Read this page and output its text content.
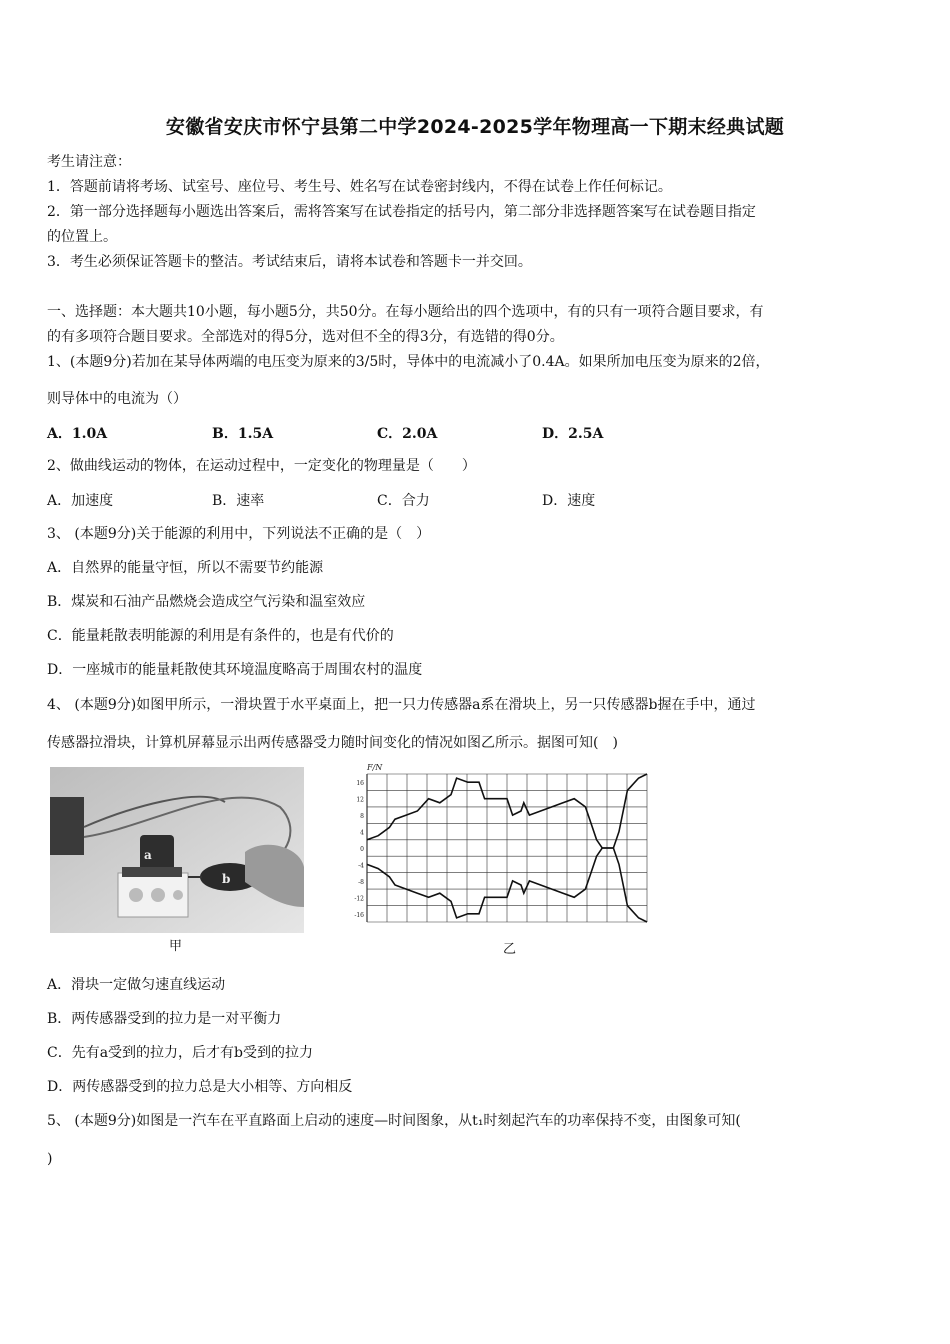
安徽省安庆市怀宁县第二中学2024-2025学年物理高一下期末经典试题
考生请注意：
1．答题前请将考场、试室号、座位号、考生号、姓名写在试卷密封线内，不得在试卷上作任何标记。
2．第一部分选择题每小题选出答案后，需将答案写在试卷指定的括号内，第二部分非选择题答案写在试卷题目指定
的位置上。
3．考生必须保证答题卡的整洁。考试结束后，请将本试卷和答题卡一并交回。
一、选择题：本大题共10小题，每小题5分，共50分。在每小题给出的四个选项中，有的只有一项符合题目要求，有
的有多项符合题目要求。全部选对的得5分，选对但不全的得3分，有选错的得0分。
1、(本题9分)若加在某导体两端的电压变为原来的3/5时，导体中的电流减小了0.4A。如果所加电压变为原来的2倍，
则导体中的电流为（）
A．1.0A	B．1.5A	C．2.0A	D．2.5A
2、做曲线运动的物体，在运动过程中，一定变化的物理量是（　　）
A．加速度	B．速率	C．合力	D．速度
3、 (本题9分)关于能源的利用中，下列说法不正确的是（　）
A．自然界的能量守恒，所以不需要节约能源
B．煤炭和石油产品燃烧会造成空气污染和温室效应
C．能量耗散表明能源的利用是有条件的，也是有代价的
D．一座城市的能量耗散使其环境温度略高于周围农村的温度
4、 (本题9分)如图甲所示，一滑块置于水平桌面上，把一只力传感器a系在滑块上，另一只传感器b握在手中，通过
传感器拉滑块，计算机屏幕显示出两传感器受力随时间变化的情况如图乙所示。据图可知(　)
a
b
甲
F/N
16
12
8
4
0
-4
-8
-12
-16
乙
A．滑块一定做匀速直线运动
B．两传感器受到的拉力是一对平衡力
C．先有a受到的拉力，后才有b受到的拉力
D．两传感器受到的拉力总是大小相等、方向相反
5、 (本题9分)如图是一汽车在平直路面上启动的速度—时间图象，从t₁时刻起汽车的功率保持不变，由图象可知(
)
